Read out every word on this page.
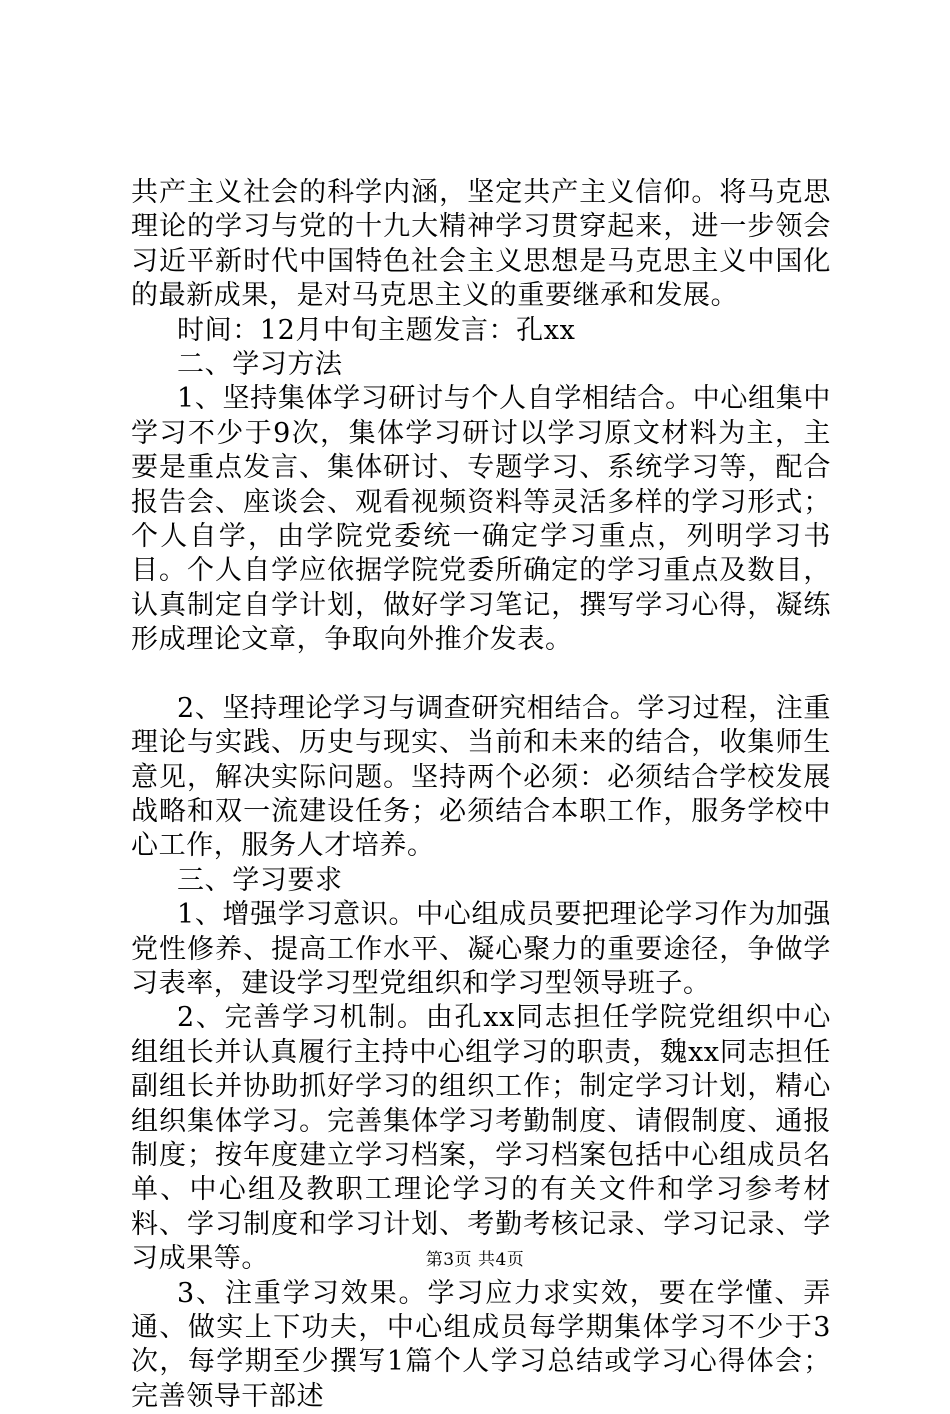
共产主义社会的科学内涵，坚定共产主义信仰。将马克思理论的学习与党的十九大精神学习贯穿起来，进一步领会习近平新时代中国特色社会主义思想是马克思主义中国化的最新成果，是对马克思主义的重要继承和发展。

时间：12月中旬主题发言：孔xx

二、学习方法

1、坚持集体学习研讨与个人自学相结合。中心组集中学习不少于9次，集体学习研讨以学习原文材料为主，主要是重点发言、集体研讨、专题学习、系统学习等，配合报告会、座谈会、观看视频资料等灵活多样的学习形式；个人自学，由学院党委统一确定学习重点，列明学习书目。个人自学应依据学院党委所确定的学习重点及数目，认真制定自学计划，做好学习笔记，撰写学习心得，凝练形成理论文章，争取向外推介发表。

2、坚持理论学习与调查研究相结合。学习过程，注重理论与实践、历史与现实、当前和未来的结合，收集师生意见，解决实际问题。坚持两个必须：必须结合学校发展战略和双一流建设任务；必须结合本职工作，服务学校中心工作，服务人才培养。

三、学习要求

1、增强学习意识。中心组成员要把理论学习作为加强党性修养、提高工作水平、凝心聚力的重要途径，争做学习表率，建设学习型党组织和学习型领导班子。

2、完善学习机制。由孔xx同志担任学院党组织中心组组长并认真履行主持中心组学习的职责，魏xx同志担任副组长并协助抓好学习的组织工作；制定学习计划，精心组织集体学习。完善集体学习考勤制度、请假制度、通报制度；按年度建立学习档案，学习档案包括中心组成员名单、中心组及教职工理论学习的有关文件和学习参考材料、学习制度和学习计划、考勤考核记录、学习记录、学习成果等。

3、注重学习效果。学习应力求实效，要在学懂、弄通、做实上下功夫，中心组成员每学期集体学习不少于3次，每学期至少撰写1篇个人学习总结或学习心得体会；完善领导干部述

第3页 共4页
